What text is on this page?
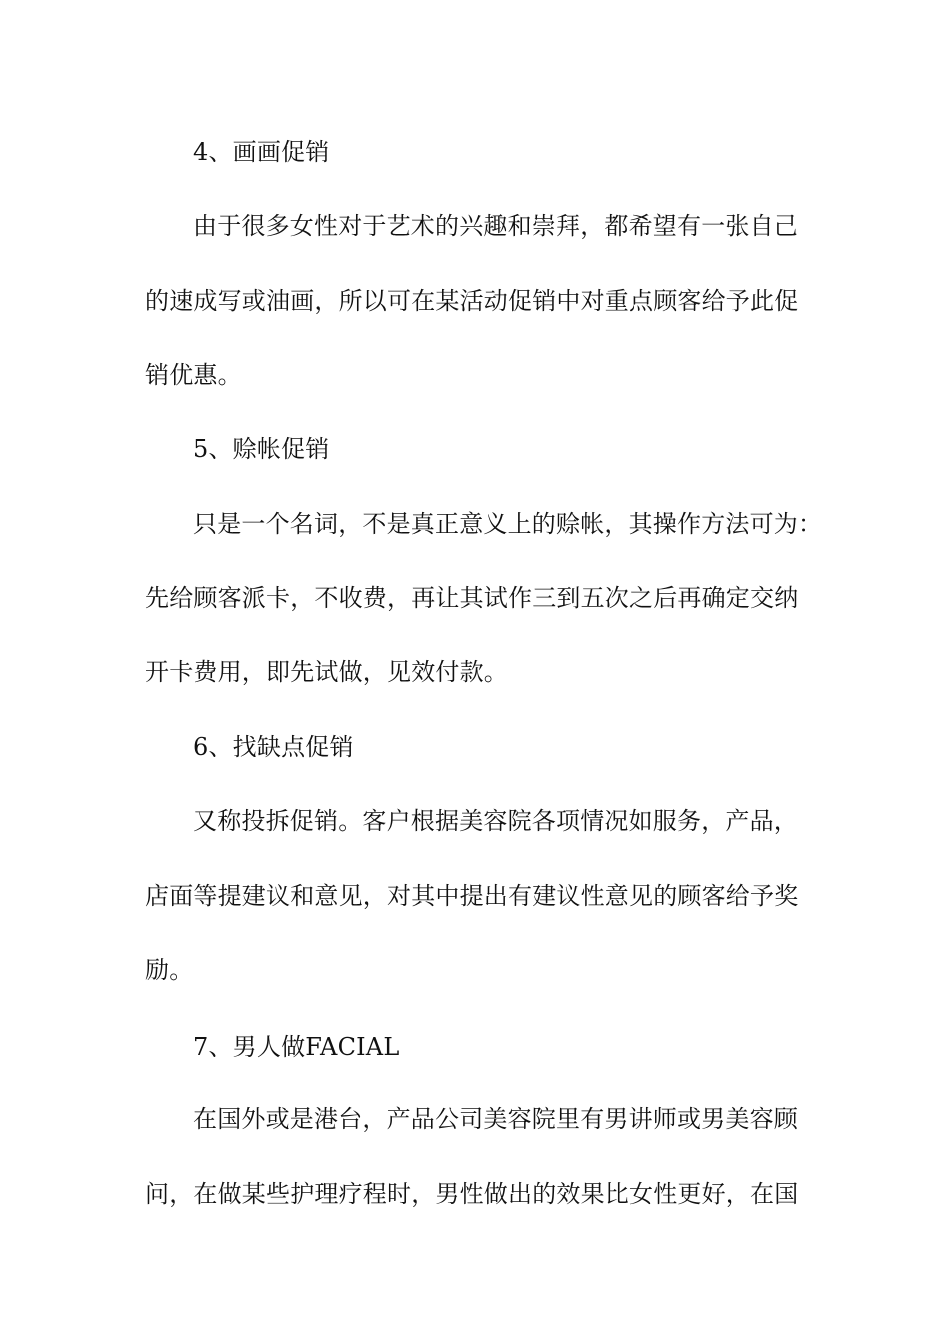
4、画画促销
由于很多女性对于艺术的兴趣和崇拜，都希望有一张自己
的速成写或油画，所以可在某活动促销中对重点顾客给予此促
销优惠。
5、赊帐促销
只是一个名词，不是真正意义上的赊帐，其操作方法可为：
先给顾客派卡，不收费，再让其试作三到五次之后再确定交纳
开卡费用，即先试做，见效付款。
6、找缺点促销
又称投拆促销。客户根据美容院各项情况如服务，产品，
店面等提建议和意见，对其中提出有建议性意见的顾客给予奖
励。
7、男人做FACIAL
在国外或是港台，产品公司美容院里有男讲师或男美容顾
问，在做某些护理疗程时，男性做出的效果比女性更好，在国
